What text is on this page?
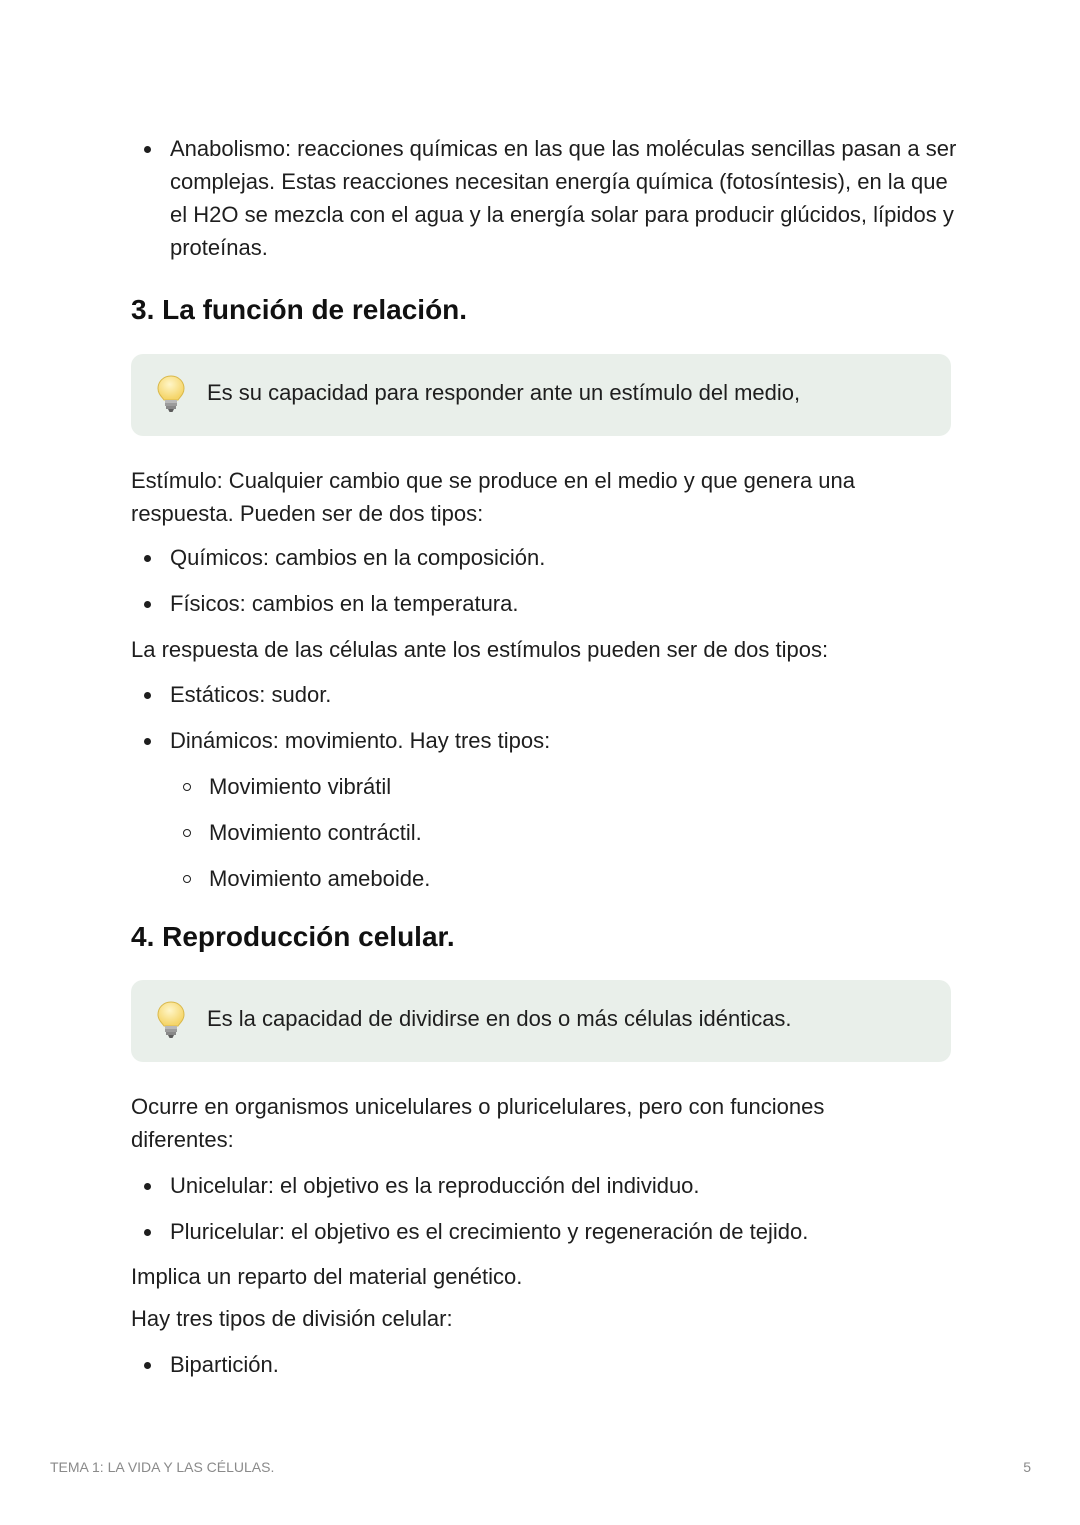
Anabolismo: reacciones químicas en las que las moléculas sencillas pasan a ser complejas. Estas reacciones necesitan energía química (fotosíntesis), en la que el H2O se mezcla con el agua y la energía solar para producir glúcidos, lípidos y proteínas.
3. La función de relación.
Es su capacidad para responder ante un estímulo del medio,

Estímulo: Cualquier cambio que se produce en el medio y que genera una respuesta. Pueden ser de dos tipos:

Químicos: cambios en la composición.
Físicos: cambios en la temperatura.

La respuesta de las células ante los estímulos pueden ser de dos tipos:

Estáticos: sudor.
Dinámicos: movimiento. Hay tres tipos:
Movimiento vibrátil
Movimiento contráctil.
Movimiento ameboide.
4. Reproducción celular.
Es la capacidad de dividirse en dos o más células idénticas.

Ocurre en organismos unicelulares o pluricelulares, pero con funciones diferentes:

Unicelular: el objetivo es la reproducción del individuo.
Pluricelular: el objetivo es el crecimiento y regeneración de tejido.

Implica un reparto del material genético.

Hay tres tipos de división celular:

Bipartición.
TEMA 1: LA VIDA Y LAS CÉLULAS.	5
